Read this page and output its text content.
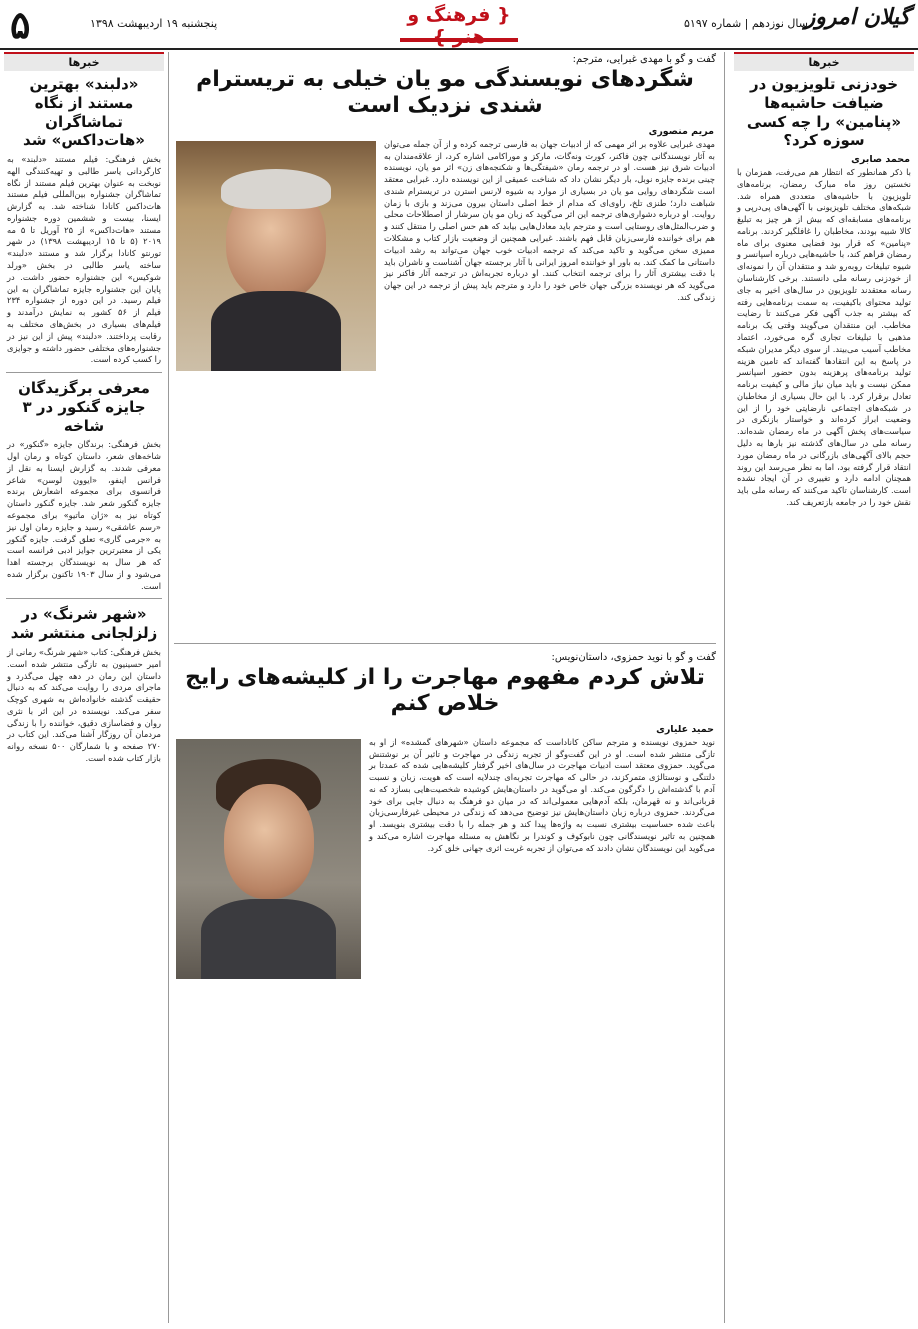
۵	پنجشنبه ۱۹ اردیبهشت ۱۳۹۸	{ فرهنگ و هنر }
سال نوزدهم | شماره ۵۱۹۷
گیلان امروز
خبرها
«دلبند» بهترین مستند از نگاه تماشاگران «هات‌داکس» شد
بخش فرهنگی: فیلم مستند «دلبند» به کارگردانی یاسر طالبی و تهیه‌کنندگی الهه نوبخت به عنوان بهترین فیلم مستند از نگاه تماشاگران جشنواره بین‌المللی فیلم مستند هات‌داکس کانادا شناخته شد. به گزارش ایسنا، بیست و ششمین دوره جشنواره مستند «هات‌داکس» از ۲۵ آوریل تا ۵ مه ۲۰۱۹ (۵ تا ۱۵ اردیبهشت ۱۳۹۸) در شهر تورنتو کانادا برگزار شد و مستند «دلبند» ساخته یاسر طالبی در بخش «ورلد شوکیس» این جشنواره حضور داشت. در پایان این جشنواره جایزه تماشاگران به این فیلم رسید. در این دوره از جشنواره ۲۳۴ فیلم از ۵۶ کشور به نمایش درآمدند و فیلم‌های بسیاری در بخش‌های مختلف به رقابت پرداختند. «دلبند» پیش از این نیز در جشنواره‌های مختلفی حضور داشته و جوایزی را کسب کرده است.
معرفی برگزیدگان جایزه گنکور در ۳ شاخه
بخش فرهنگی: برندگان جایزه «گنکور» در شاخه‌های شعر، داستان کوتاه و رمان اول معرفی شدند. به گزارش ایسنا به نقل از فرانس اینفو، «ایوون لوسن» شاعر فرانسوی برای مجموعه اشعارش برنده جایزه گنکور شعر شد. جایزه گنکور داستان کوتاه نیز به «ژان ماتیو» برای مجموعه «رسم عاشقی» رسید و جایزه رمان اول نیز به «جرمی گاری» تعلق گرفت. جایزه گنکور یکی از معتبرترین جوایز ادبی فرانسه است که هر سال به نویسندگان برجسته اهدا می‌شود و از سال ۱۹۰۳ تاکنون برگزار شده است.
«شهر شرنگ» در زلزلجانی منتشر شد
بخش فرهنگی: کتاب «شهر شرنگ» رمانی از امیر حسینیون به تازگی منتشر شده است. داستان این رمان در دهه چهل می‌گذرد و ماجرای مردی را روایت می‌کند که به دنبال حقیقت گذشته خانواده‌اش به شهری کوچک سفر می‌کند. نویسنده در این اثر با نثری روان و فضاسازی دقیق، خواننده را با زندگی مردمان آن روزگار آشنا می‌کند. این کتاب در ۲۷۰ صفحه و با شمارگان ۵۰۰ نسخه روانه بازار کتاب شده است.
گفت و گو با مهدی غبرایی، مترجم:
شگردهای نویسندگی مو یان خیلی به تریسترام شندی نزدیک است
مریم منصوری
مهدی غبرایی علاوه بر اثر مهمی که از ادبیات جهان به فارسی ترجمه کرده و از آن جمله می‌توان به آثار نویسندگانی چون فاکنر، کورت ونه‌گات، مارکز و موراکامی اشاره کرد، از علاقه‌مندان به ادبیات شرق نیز هست. او در ترجمه رمان «شیفتگی‌ها و شکنجه‌های زن» اثر مو یان، نویسنده چینی برنده جایزه نوبل، بار دیگر نشان داد که شناخت عمیقی از این نویسنده دارد. غبرایی معتقد است شگردهای روایی مو یان در بسیاری از موارد به شیوه لارنس استرن در تریسترام شندی شباهت دارد؛ طنزی تلخ، راوی‌ای که مدام از خط اصلی داستان بیرون می‌زند و بازی با زمان روایت. او درباره دشواری‌های ترجمه این اثر می‌گوید که زبان مو یان سرشار از اصطلاحات محلی و ضرب‌المثل‌های روستایی است و مترجم باید معادل‌هایی بیابد که هم حس اصلی را منتقل کنند و هم برای خواننده فارسی‌زبان قابل فهم باشند. غبرایی همچنین از وضعیت بازار کتاب و مشکلات ممیزی سخن می‌گوید و تاکید می‌کند که ترجمه ادبیات خوب جهان می‌تواند به رشد ادبیات داستانی ما کمک کند. به باور او خواننده امروز ایرانی با آثار برجسته جهان آشناست و ناشران باید با دقت بیشتری آثار را برای ترجمه انتخاب کنند. او درباره تجربه‌اش در ترجمه آثار فاکنر نیز می‌گوید که هر نویسنده بزرگی جهان خاص خود را دارد و مترجم باید پیش از ترجمه در این جهان زندگی کند.
گفت و گو با نوید حمزوی، داستان‌نویس:
تلاش کردم مفهوم مهاجرت را از کلیشه‌های رایج خلاص کنم
حمید علیاری
نوید حمزوی نویسنده و مترجم ساکن کاناداست که مجموعه داستان «شهرهای گمشده» از او به تازگی منتشر شده است. او در این گفت‌وگو از تجربه زندگی در مهاجرت و تاثیر آن بر نوشتنش می‌گوید. حمزوی معتقد است ادبیات مهاجرت در سال‌های اخیر گرفتار کلیشه‌هایی شده که عمدتا بر دلتنگی و نوستالژی متمرکزند، در حالی که مهاجرت تجربه‌ای چندلایه است که هویت، زبان و نسبت آدم با گذشته‌اش را دگرگون می‌کند. او می‌گوید در داستان‌هایش کوشیده شخصیت‌هایی بسازد که نه قربانی‌اند و نه قهرمان، بلکه آدم‌هایی معمولی‌اند که در میان دو فرهنگ به دنبال جایی برای خود می‌گردند. حمزوی درباره زبان داستان‌هایش نیز توضیح می‌دهد که زندگی در محیطی غیرفارسی‌زبان باعث شده حساسیت بیشتری نسبت به واژه‌ها پیدا کند و هر جمله را با دقت بیشتری بنویسد. او همچنین به تاثیر نویسندگانی چون نابوکوف و کوندرا بر نگاهش به مسئله مهاجرت اشاره می‌کند و می‌گوید این نویسندگان نشان دادند که می‌توان از تجربه غربت اثری جهانی خلق کرد.
خبرها
خودزنی تلویزیون در ضیافت حاشیه‌ها «پنامین» را چه کسی سوزه کرد؟
محمد صابری
با ذکر همانطور که انتظار هم می‌رفت، همزمان با نخستین روز ماه مبارک رمضان، برنامه‌های تلویزیون با حاشیه‌های متعددی همراه شد. شبکه‌های مختلف تلویزیونی با آگهی‌های پی‌درپی و برنامه‌های مسابقه‌ای که بیش از هر چیز به تبلیغ کالا شبیه بودند، مخاطبان را غافلگیر کردند. برنامه «پنامین» که قرار بود فضایی معنوی برای ماه رمضان فراهم کند، با حاشیه‌هایی درباره اسپانسر و شیوه تبلیغات روبه‌رو شد و منتقدان آن را نمونه‌ای از خودزنی رسانه ملی دانستند. برخی کارشناسان رسانه معتقدند تلویزیون در سال‌های اخیر به جای تولید محتوای باکیفیت، به سمت برنامه‌هایی رفته که بیشتر به جذب آگهی فکر می‌کنند تا رضایت مخاطب. این منتقدان می‌گویند وقتی یک برنامه مذهبی با تبلیغات تجاری گره می‌خورد، اعتماد مخاطب آسیب می‌بیند. از سوی دیگر مدیران شبکه در پاسخ به این انتقادها گفته‌اند که تامین هزینه تولید برنامه‌های پرهزینه بدون حضور اسپانسر ممکن نیست و باید میان نیاز مالی و کیفیت برنامه تعادل برقرار کرد. با این حال بسیاری از مخاطبان در شبکه‌های اجتماعی نارضایتی خود را از این وضعیت ابراز کرده‌اند و خواستار بازنگری در سیاست‌های پخش آگهی در ماه رمضان شده‌اند. رسانه ملی در سال‌های گذشته نیز بارها به دلیل حجم بالای آگهی‌های بازرگانی در ماه رمضان مورد انتقاد قرار گرفته بود، اما به نظر می‌رسد این روند همچنان ادامه دارد و تغییری در آن ایجاد نشده است. کارشناسان تاکید می‌کنند که رسانه ملی باید نقش خود را در جامعه بازتعریف کند.
